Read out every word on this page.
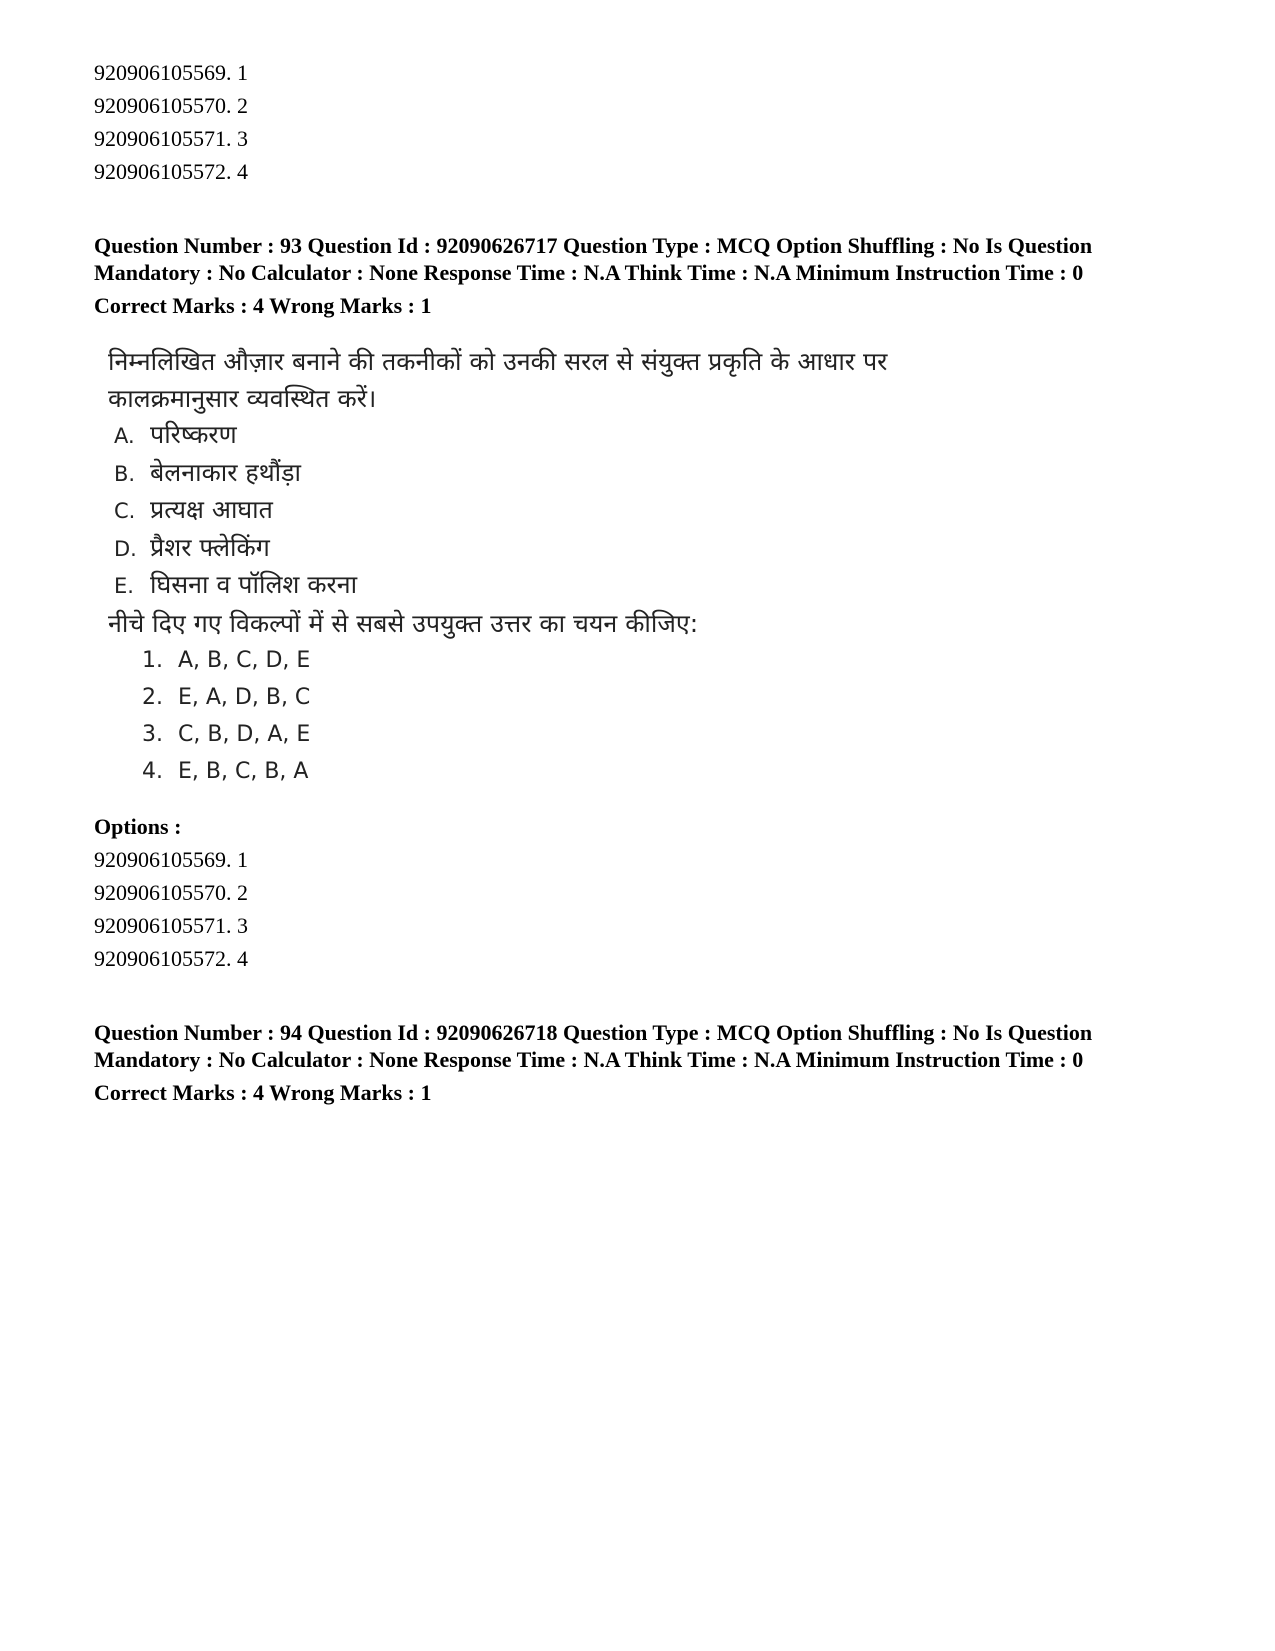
920906105569. 1
920906105570. 2
920906105571. 3
920906105572. 4
Question Number : 93 Question Id : 92090626717 Question Type : MCQ Option Shuffling : No Is Question Mandatory : No Calculator : None Response Time : N.A Think Time : N.A Minimum Instruction Time : 0
Correct Marks : 4 Wrong Marks : 1
निम्नलिखित औज़ार बनाने की तकनीकों को उनकी सरल से संयुक्त प्रकृति के आधार पर कालक्रमानुसार व्यवस्थित करें।
A. परिष्करण
B. बेलनाकार हथौंड़ा
C. प्रत्यक्ष आघात
D. प्रैशर फ्लेकिंग
E. घिसना व पॉलिश करना
नीचे दिए गए विकल्पों में से सबसे उपयुक्त उत्तर का चयन कीजिए:
1. A, B, C, D, E
2. E, A, D, B, C
3. C, B, D, A, E
4. E, B, C, B, A
Options :
920906105569. 1
920906105570. 2
920906105571. 3
920906105572. 4
Question Number : 94 Question Id : 92090626718 Question Type : MCQ Option Shuffling : No Is Question Mandatory : No Calculator : None Response Time : N.A Think Time : N.A Minimum Instruction Time : 0
Correct Marks : 4 Wrong Marks : 1
